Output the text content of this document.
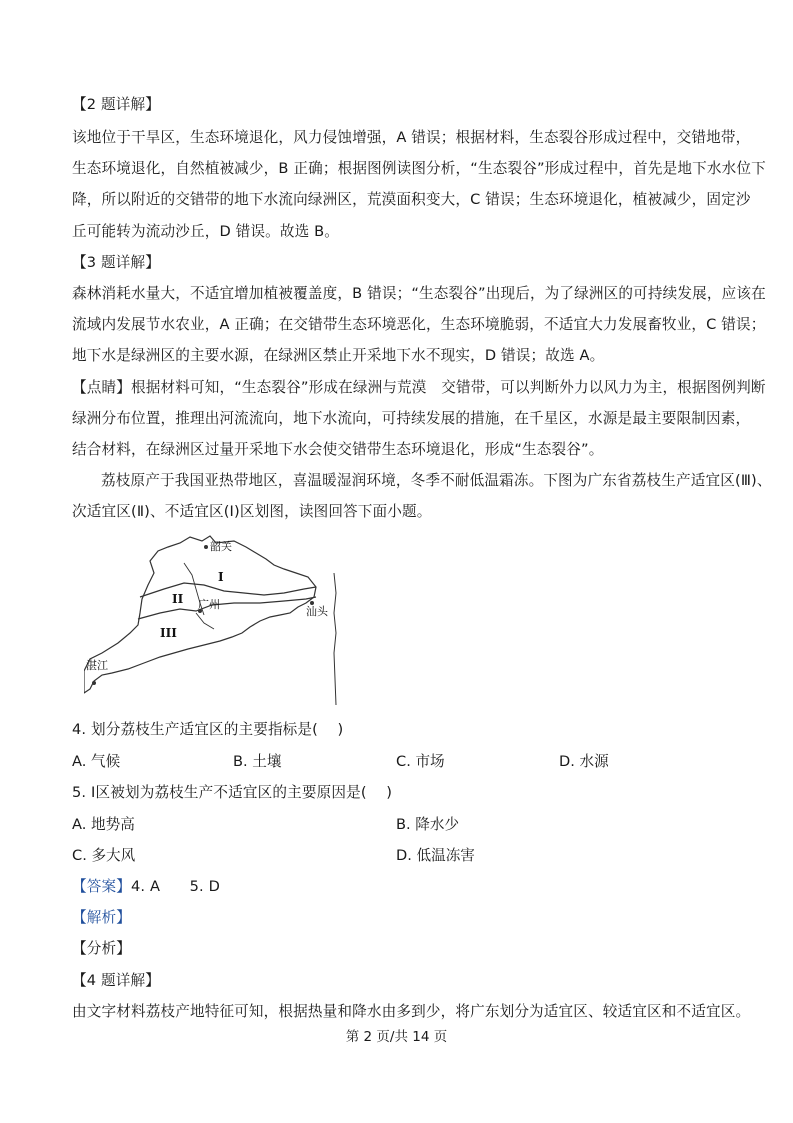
【2 题详解】
该地位于干旱区，生态环境退化，风力侵蚀增强，A 错误；根据材料，生态裂谷形成过程中，交错地带，
生态环境退化，自然植被减少，B 正确；根据图例读图分析，“生态裂谷”形成过程中，首先是地下水水位下
降，所以附近的交错带的地下水流向绿洲区，荒漠面积变大，C 错误；生态环境退化，植被减少，固定沙
丘可能转为流动沙丘，D 错误。故选 B。
【3 题详解】
森林消耗水量大，不适宜增加植被覆盖度，B 错误；“生态裂谷”出现后，为了绿洲区的可持续发展，应该在
流域内发展节水农业，A 正确；在交错带生态环境恶化，生态环境脆弱，不适宜大力发展畜牧业，C 错误；
地下水是绿洲区的主要水源，在绿洲区禁止开采地下水不现实，D 错误；故选 A。
【点睛】根据材料可知，“生态裂谷”形成在绿洲与荒漠　交错带，可以判断外力以风力为主，根据图例判断
绿洲分布位置，推理出河流流向，地下水流向，可持续发展的措施，在千星区，水源是最主要限制因素，
结合材料，在绿洲区过量开采地下水会使交错带生态环境退化，形成“生态裂谷”。
荔枝原产于我国亚热带地区，喜温暖湿润环境，冬季不耐低温霜冻。下图为广东省荔枝生产适宜区(Ⅲ)、
次适宜区(Ⅱ)、不适宜区(Ⅰ)区划图，读图回答下面小题。
韶关
广州
汕头
湛江
I
II
III
4. 划分荔枝生产适宜区的主要指标是(　 )
A. 气候	B. 土壤	C. 市场	D. 水源
5. Ⅰ区被划为荔枝生产不适宜区的主要原因是(　 )
A. 地势高	B. 降水少
C. 多大风	D. 低温冻害
【答案】4. A　　5. D
【解析】
【分析】
【4 题详解】
由文字材料荔枝产地特征可知，根据热量和降水由多到少，将广东划分为适宜区、较适宜区和不适宜区。
第 2 页/共 14 页
